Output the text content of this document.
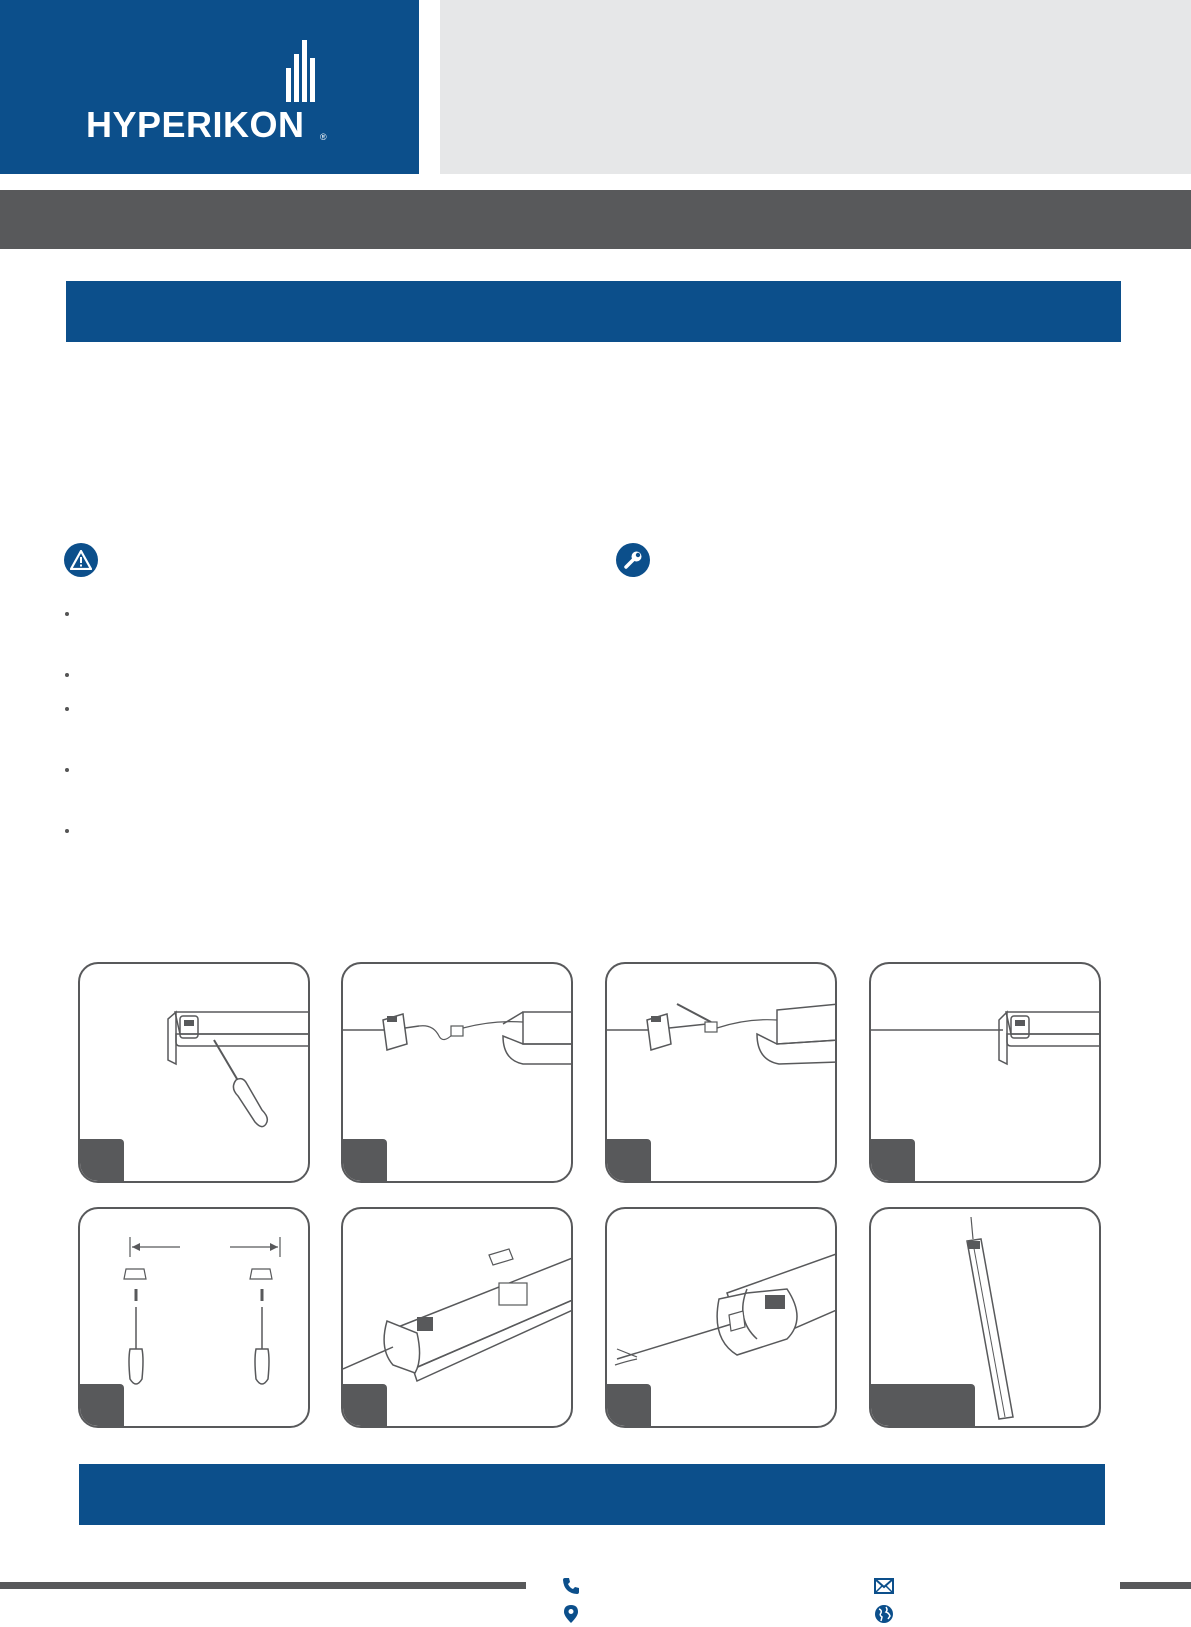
HYPERIKON ®
